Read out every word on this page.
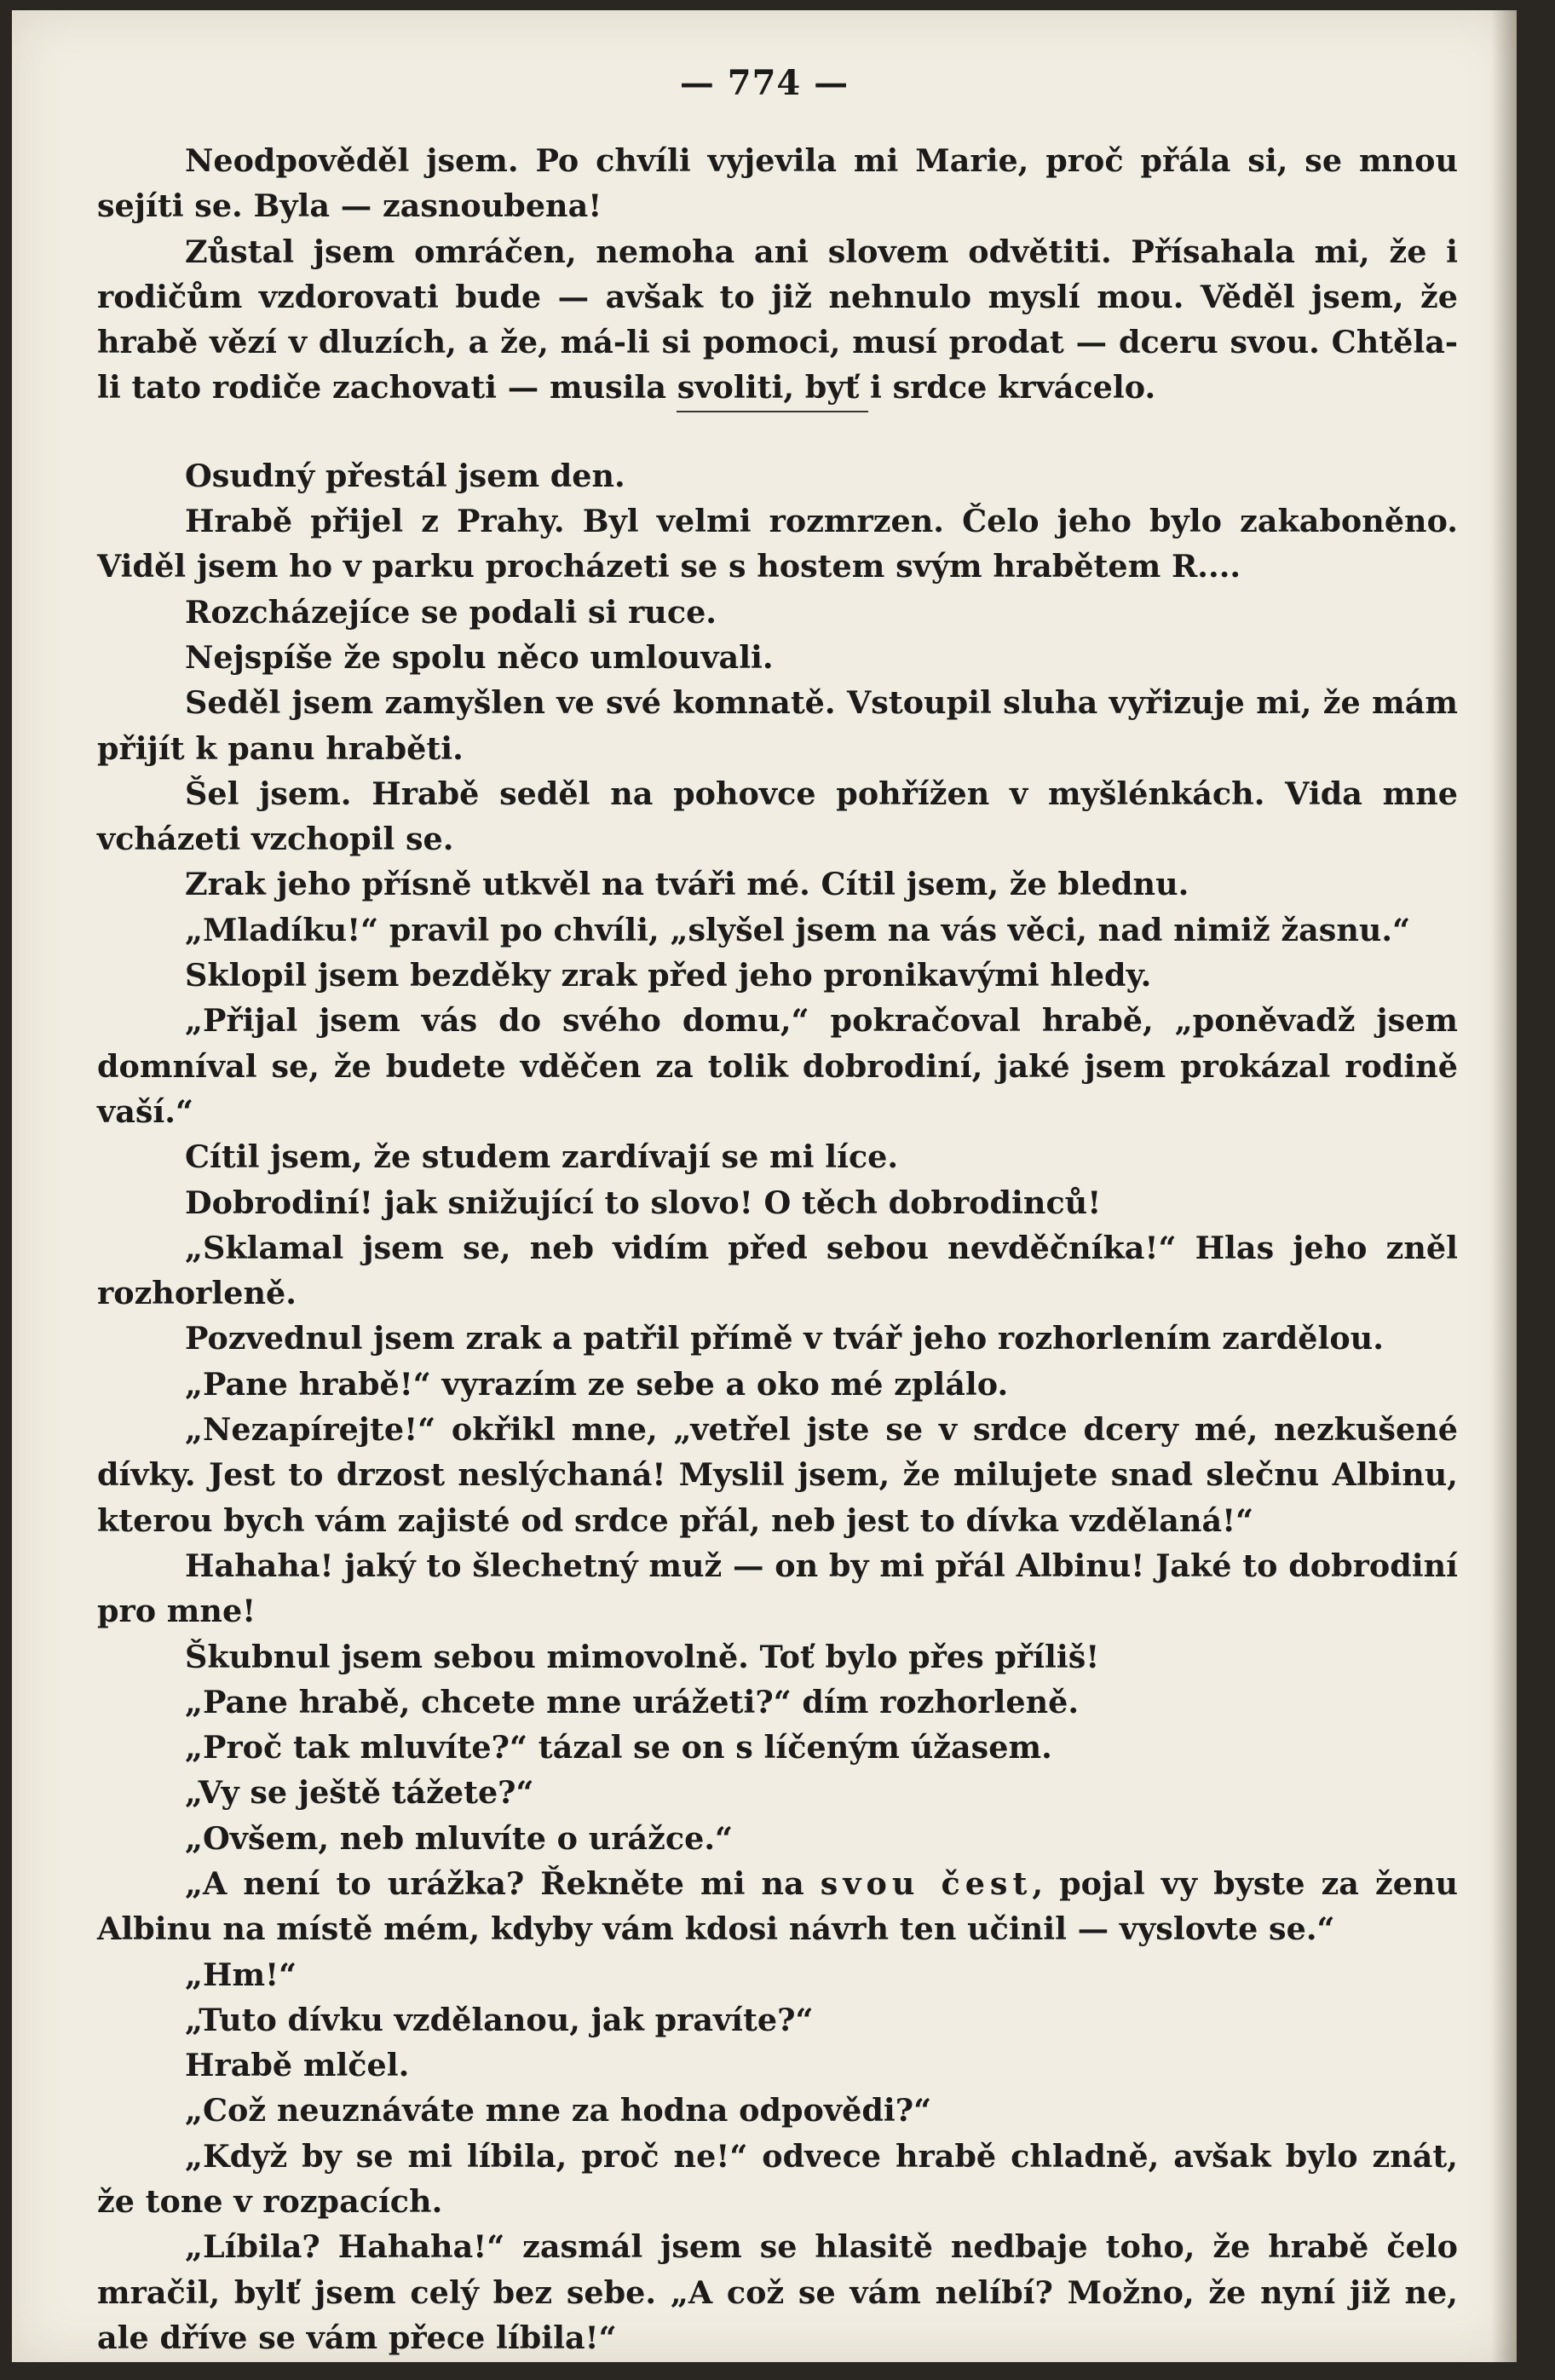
— 774 —

Neodpověděl jsem. Po chvíli vyjevila mi Marie, proč přála si, se mnou sejíti se. Byla — zasnoubena!

Zůstal jsem omráčen, nemoha ani slovem odvětiti. Přísahala mi, že i rodičům vzdorovati bude — avšak to již nehnulo myslí mou. Věděl jsem, že hrabě vězí v dluzích, a že, má-li si pomoci, musí prodat — dceru svou. Chtěla-li tato rodiče zachovati — musila svoliti, byť i srdce krvácelo.

Osudný přestál jsem den.

Hrabě přijel z Prahy. Byl velmi rozmrzen. Čelo jeho bylo zakaboněno. Viděl jsem ho v parku procházeti se s hostem svým hrabětem R....

Rozcházejíce se podali si ruce.

Nejspíše že spolu něco umlouvali.

Seděl jsem zamyšlen ve své komnatě. Vstoupil sluha vyřizuje mi, že mám přijít k panu hraběti.

Šel jsem. Hrabě seděl na pohovce pohřížen v myšlénkách. Vida mne vcházeti vzchopil se.

Zrak jeho přísně utkvěl na tváři mé. Cítil jsem, že blednu.

„Mladíku!“ pravil po chvíli, „slyšel jsem na vás věci, nad nimiž žasnu.“

Sklopil jsem bezděky zrak před jeho pronikavými hledy.

„Přijal jsem vás do svého domu,“ pokračoval hrabě, „poněvadž jsem domníval se, že budete vděčen za tolik dobrodiní, jaké jsem prokázal rodině vaší.“

Cítil jsem, že studem zardívají se mi líce.

Dobrodiní! jak snižující to slovo! O těch dobrodinců!

„Sklamal jsem se, neb vidím před sebou nevděčníka!“ Hlas jeho zněl rozhorleně.

Pozvednul jsem zrak a patřil přímě v tvář jeho rozhorlením zardělou.

„Pane hrabě!“ vyrazím ze sebe a oko mé zplálo.

„Nezapírejte!“ okřikl mne, „vetřel jste se v srdce dcery mé, nezkušené dívky. Jest to drzost neslýchaná! Myslil jsem, že milujete snad slečnu Albinu, kterou bych vám zajisté od srdce přál, neb jest to dívka vzdělaná!“

Hahaha! jaký to šlechetný muž — on by mi přál Albinu! Jaké to dobrodiní pro mne!

Škubnul jsem sebou mimovolně. Toť bylo přes příliš!

„Pane hrabě, chcete mne urážeti?“ dím rozhorleně.

„Proč tak mluvíte?“ tázal se on s líčeným úžasem.

„Vy se ještě tážete?“

„Ovšem, neb mluvíte o urážce.“

„A není to urážka? Řekněte mi na svou čest, pojal vy byste za ženu Albinu na místě mém, kdyby vám kdosi návrh ten učinil — vyslovte se.“

„Hm!“

„Tuto dívku vzdělanou, jak pravíte?“

Hrabě mlčel.

„Což neuznáváte mne za hodna odpovědi?“

„Když by se mi líbila, proč ne!“ odvece hrabě chladně, avšak bylo znát, že tone v rozpacích.

„Líbila? Hahaha!“ zasmál jsem se hlasitě nedbaje toho, že hrabě čelo mračil, bylť jsem celý bez sebe. „A což se vám nelíbí? Možno, že nyní již ne, ale dříve se vám přece líbila!“
